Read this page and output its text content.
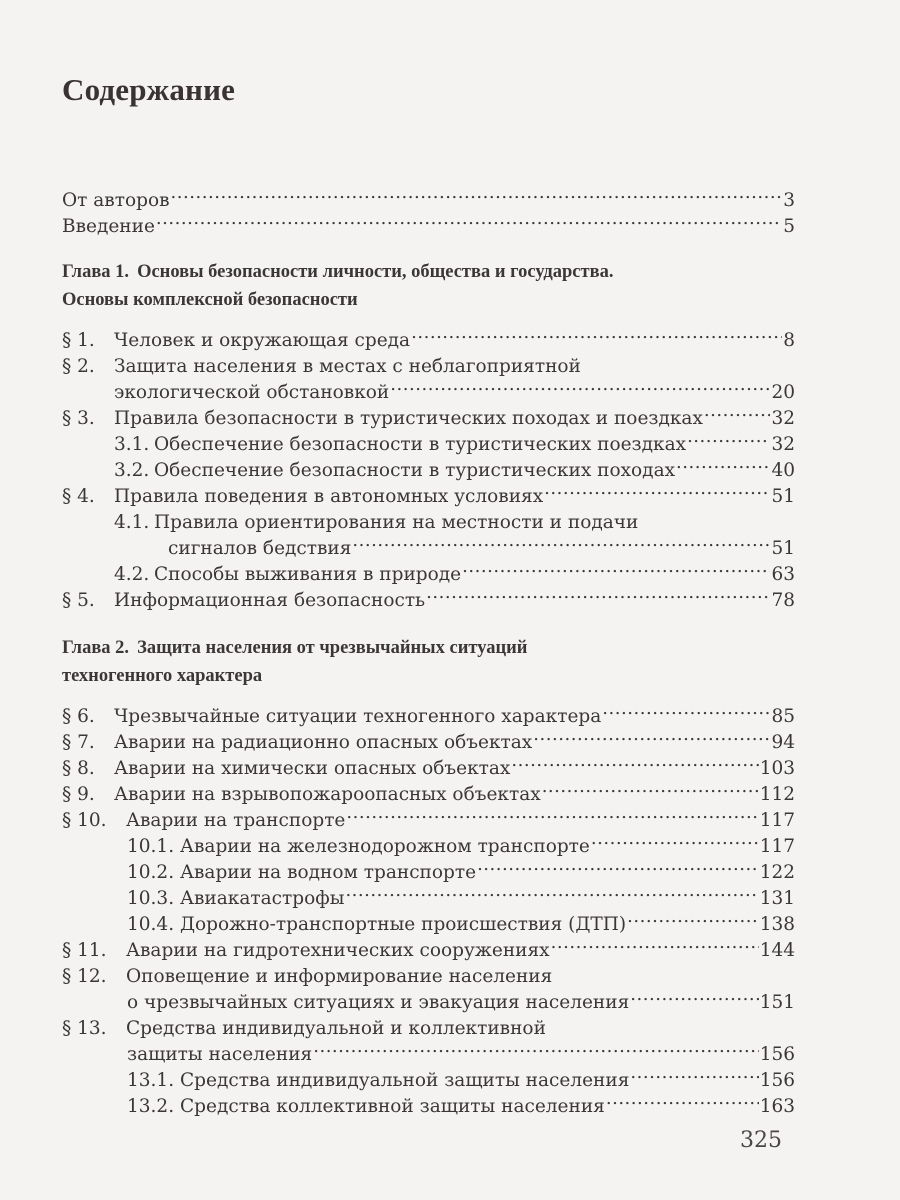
Содержание
От авторов . . .	3
Введение . . .	5
Глава 1. Основы безопасности личности, общества и государства.
Основы комплексной безопасности
§ 1. Человек и окружающая среда . . .	8
§ 2. Защита населения в местах с неблагоприятной
экологической обстановкой . . .	20
§ 3. Правила безопасности в туристических походах и поездках . . .	32
3.1. Обеспечение безопасности в туристических поездках . . .	32
3.2. Обеспечение безопасности в туристических походах . . .	40
§ 4. Правила поведения в автономных условиях . . .	51
4.1. Правила ориентирования на местности и подачи
сигналов бедствия . . .	51
4.2. Способы выживания в природе . . .	63
§ 5. Информационная безопасность . . .	78
Глава 2. Защита населения от чрезвычайных ситуаций
техногенного характера
§ 6. Чрезвычайные ситуации техногенного характера . . .	85
§ 7. Аварии на радиационно опасных объектах . . .	94
§ 8. Аварии на химически опасных объектах . . .	103
§ 9. Аварии на взрывопожароопасных объектах . . .	112
§ 10. Аварии на транспорте . . .	117
10.1. Аварии на железнодорожном транспорте . . .	117
10.2. Аварии на водном транспорте . . .	122
10.3. Авиакатастрофы . . .	131
10.4. Дорожно-транспортные происшествия (ДТП) . . .	138
§ 11. Аварии на гидротехнических сооружениях . . .	144
§ 12. Оповещение и информирование населения
о чрезвычайных ситуациях и эвакуация населения . . .	151
§ 13. Средства индивидуальной и коллективной
защиты населения . . .	156
13.1. Средства индивидуальной защиты населения . . .	156
13.2. Средства коллективной защиты населения . . .	163
325
